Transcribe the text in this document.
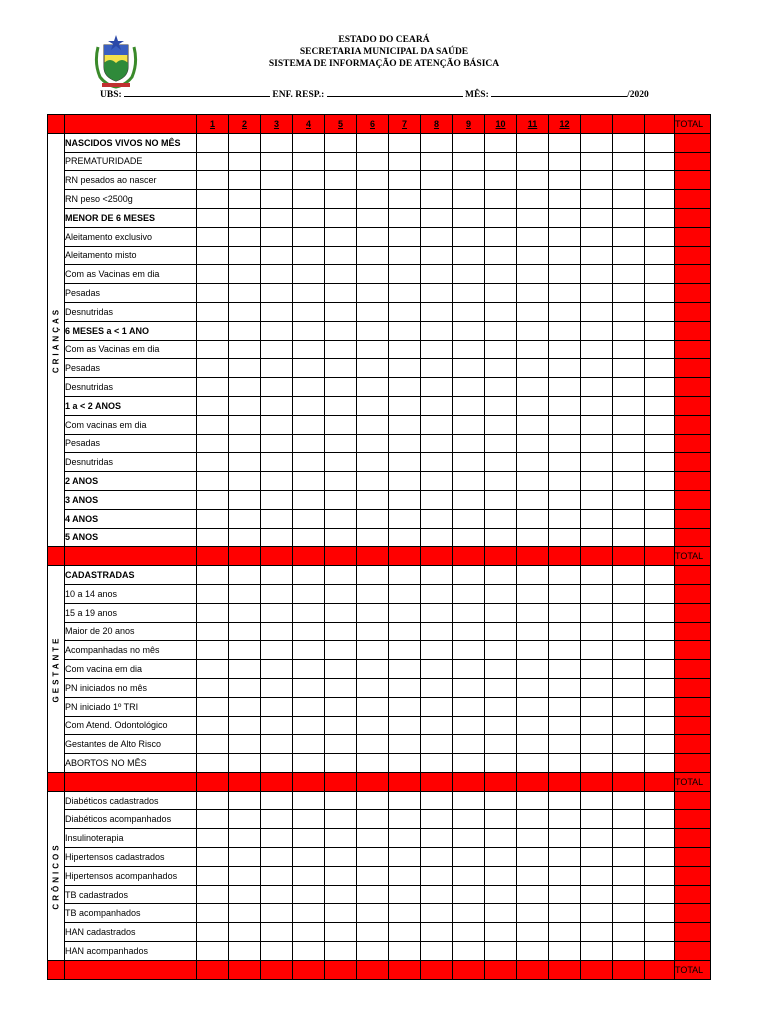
ESTADO DO CEARÁ
SECRETARIA MUNICIPAL DA SAÚDE
SISTEMA DE INFORMAÇÃO DE ATENÇÃO BÁSICA
UBS:	ENF. RESP.:	MÊS:	/2020
		1	2	3	4	5	6	7	8	9	10	11	12				TOTAL

CRIANÇAS	NASCIDOS VIVOS NO MÊS																
	PREMATURIDADE																
	RN pesados ao nascer																
	RN peso <2500g																
	MENOR DE 6 MESES																
	Aleitamento exclusivo																
	Aleitamento misto																
	Com as Vacinas em dia																
	Pesadas																
	Desnutridas																
	6 MESES a < 1 ANO																
	Com as Vacinas em dia																
	Pesadas																
	Desnutridas																
	1 a < 2 ANOS																
	Com vacinas em dia																
	Pesadas																
	Desnutridas																
	2 ANOS																
	3 ANOS																
	4 ANOS																
	5 ANOS																
																	TOTAL

GESTANTE	CADASTRADAS																
	10 a 14 anos																
	15 a 19 anos																
	Maior de 20 anos																
	Acompanhadas no mês																
	Com vacina em dia																
	PN iniciados no mês																
	PN iniciado 1º TRI																
	Com Atend. Odontológico																
	Gestantes de Alto Risco																
	ABORTOS NO MÊS																
																	TOTAL

CRÔNICOS	Diabéticos cadastrados																
	Diabéticos acompanhados																
	Insulinoterapia																
	Hipertensos cadastrados																
	Hipertensos acompanhados																
	TB cadastrados																
	TB acompanhados																
	HAN cadastrados																
	HAN acompanhados																
																	TOTAL
